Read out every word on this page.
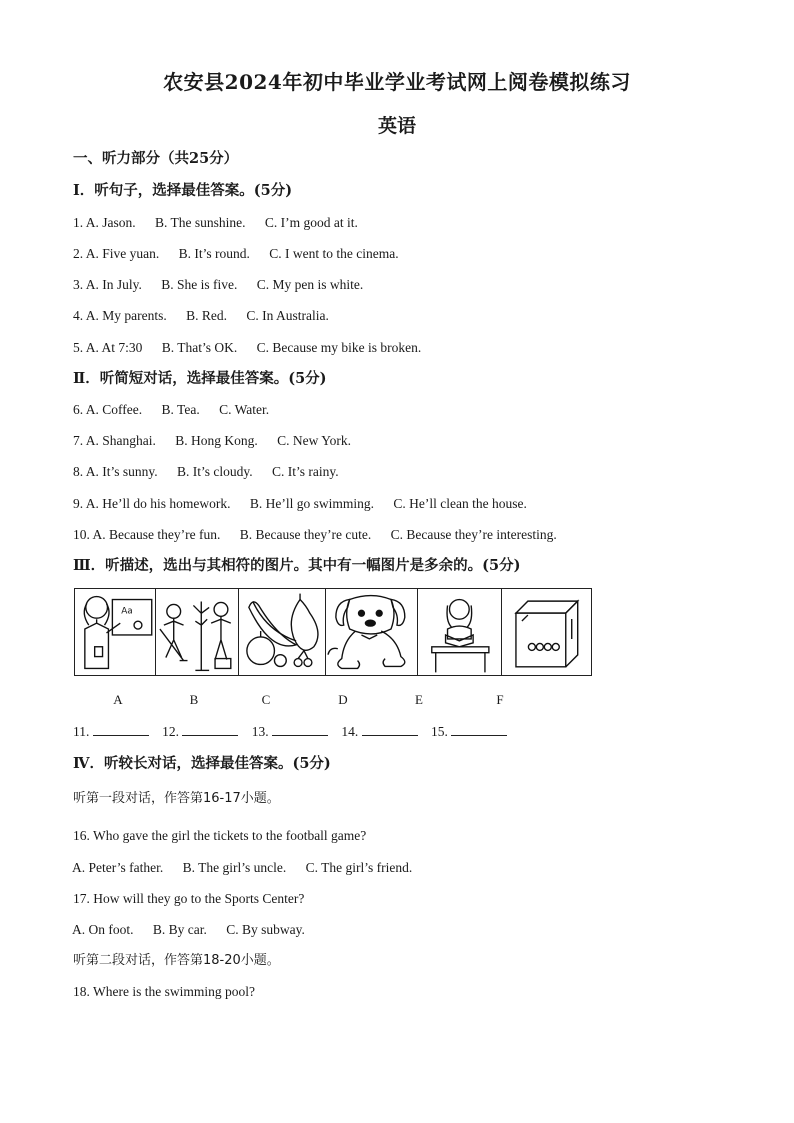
农安县2024年初中毕业学业考试网上阅卷模拟练习
英语
一、听力部分（共25分）
Ⅰ．听句子，选择最佳答案。(5分)
1. A. Jason. B. The sunshine. C. I’m good at it.
2. A. Five yuan. B. It’s round. C. I went to the cinema.
3. A. In July. B. She is five. C. My pen is white.
4. A. My parents. B. Red. C. In Australia.
5. A. At 7:30 B. That’s OK. C. Because my bike is broken.
Ⅱ．听简短对话，选择最佳答案。(5分)
6. A. Coffee. B. Tea. C. Water.
7. A. Shanghai. B. Hong Kong. C. New York.
8. A. It’s sunny. B. It’s cloudy. C. It’s rainy.
9. A. He’ll do his homework. B. He’ll go swimming. C. He’ll clean the house.
10. A. Because they’re fun. B. Because they’re cute. C. Because they’re interesting.
Ⅲ．听描述，选出与其相符的图片。其中有一幅图片是多余的。(5分)
Aa
A	B	C	D	E	F
11.	12.	13.	14.	15.
Ⅳ．听较长对话，选择最佳答案。(5分)
听第一段对话，作答第16-17小题。
16. Who gave the girl the tickets to the football game?
A. Peter’s father. B. The girl’s uncle. C. The girl’s friend.
17. How will they go to the Sports Center?
A. On foot. B. By car. C. By subway.
听第二段对话，作答第18-20小题。
18. Where is the swimming pool?
